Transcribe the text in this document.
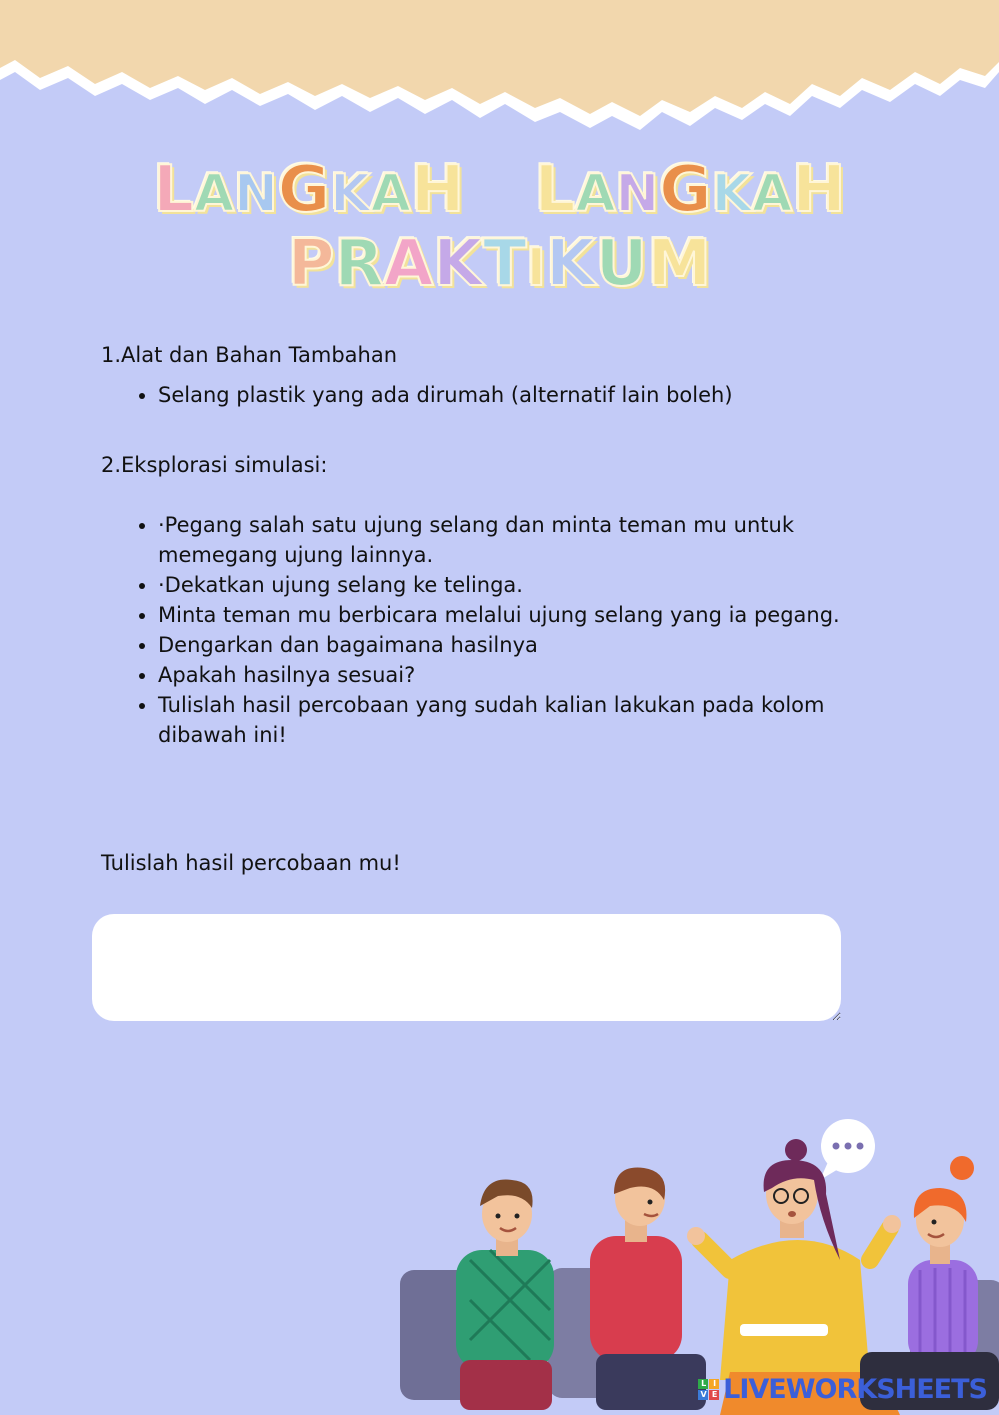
LANGKAH LANGKAH
PRAKTIKUM

1.Alat dan Bahan Tambahan

• Selang plastik yang ada dirumah (alternatif lain boleh)

2.Eksplorasi simulasi:

• ·Pegang salah satu ujung selang dan minta teman mu untuk memegang ujung lainnya.
• ·Dekatkan ujung selang ke telinga.
• Minta teman mu berbicara melalui ujung selang yang ia pegang.
• Dengarkan dan bagaimana hasilnya
• Apakah hasilnya sesuai?
• Tulislah hasil percobaan yang sudah kalian lakukan pada kolom dibawah ini!
Tulislah hasil percobaan mu!
L I
V E LIVEWORKSHEETS
